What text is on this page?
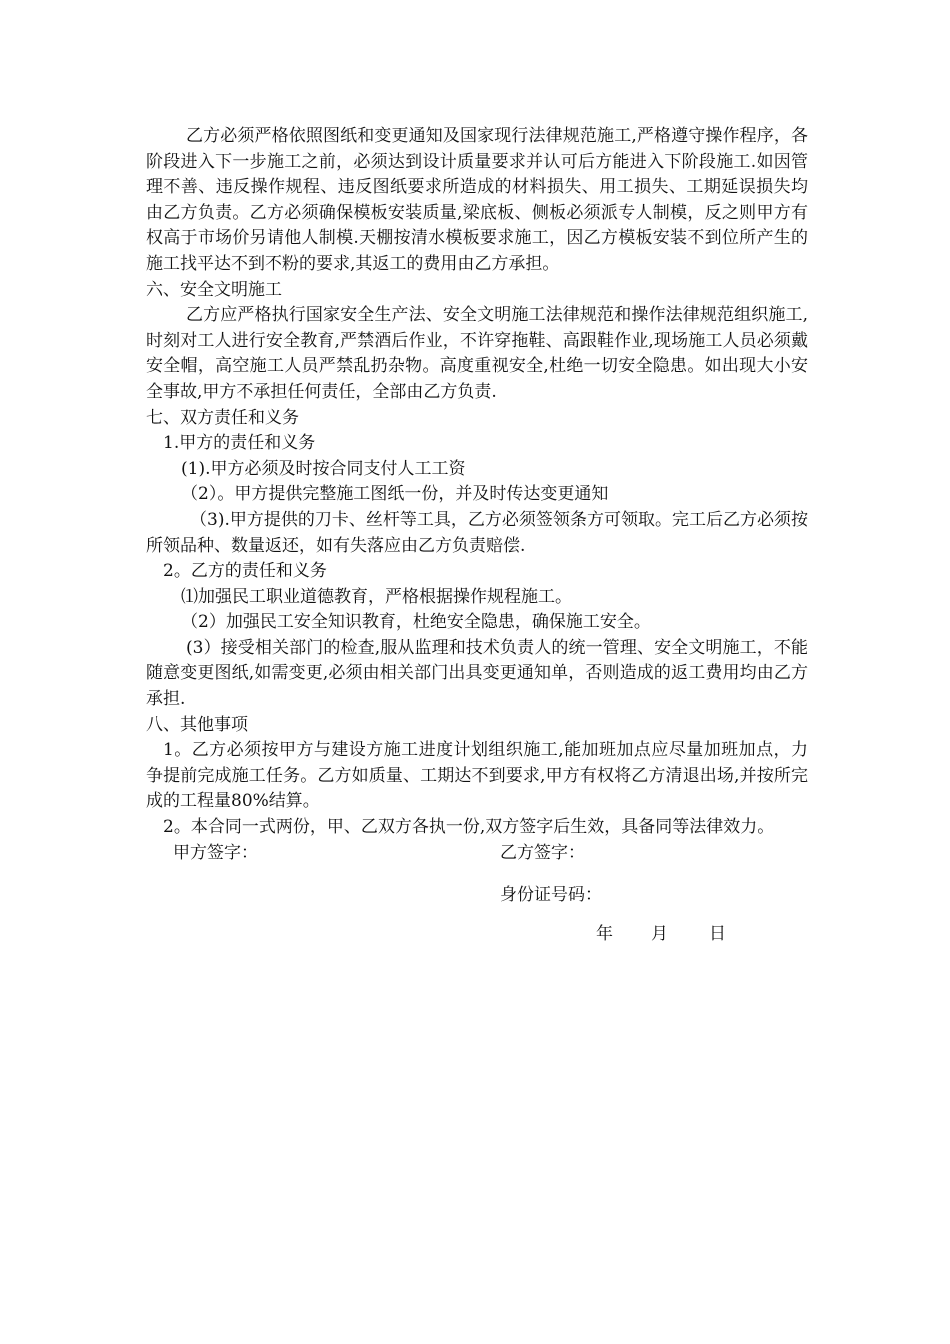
乙方必须严格依照图纸和变更通知及国家现行法律规范施工,严格遵守操作程序，各阶段进入下一步施工之前，必须达到设计质量要求并认可后方能进入下阶段施工.如因管理不善、违反操作规程、违反图纸要求所造成的材料损失、用工损失、工期延误损失均由乙方负责。乙方必须确保模板安装质量,梁底板、侧板必须派专人制模，反之则甲方有权高于市场价另请他人制模.天棚按清水模板要求施工，因乙方模板安装不到位所产生的施工找平达不到不粉的要求,其返工的费用由乙方承担。

六、安全文明施工

乙方应严格执行国家安全生产法、安全文明施工法律规范和操作法律规范组织施工,时刻对工人进行安全教育,严禁酒后作业，不许穿拖鞋、高跟鞋作业,现场施工人员必须戴安全帽，高空施工人员严禁乱扔杂物。高度重视安全,杜绝一切安全隐患。如出现大小安全事故,甲方不承担任何责任，全部由乙方负责.

七、双方责任和义务

1.甲方的责任和义务

(1).甲方必须及时按合同支付人工工资

（2）。甲方提供完整施工图纸一份，并及时传达变更通知

（3).甲方提供的刀卡、丝杆等工具，乙方必须签领条方可领取。完工后乙方必须按所领品种、数量返还，如有失落应由乙方负责赔偿.

2。乙方的责任和义务

⑴加强民工职业道德教育，严格根据操作规程施工。

（2）加强民工安全知识教育，杜绝安全隐患，确保施工安全。

(3）接受相关部门的检查,服从监理和技术负责人的统一管理、安全文明施工，不能随意变更图纸,如需变更,必须由相关部门出具变更通知单，否则造成的返工费用均由乙方承担.

八、其他事项

1。乙方必须按甲方与建设方施工进度计划组织施工,能加班加点应尽量加班加点，力争提前完成施工任务。乙方如质量、工期达不到要求,甲方有权将乙方清退出场,并按所完成的工程量80%结算。

2。本合同一式两份，甲、乙双方各执一份,双方签字后生效，具备同等法律效力。

甲方签字：	乙方签字：
身份证号码：
年 月 日
